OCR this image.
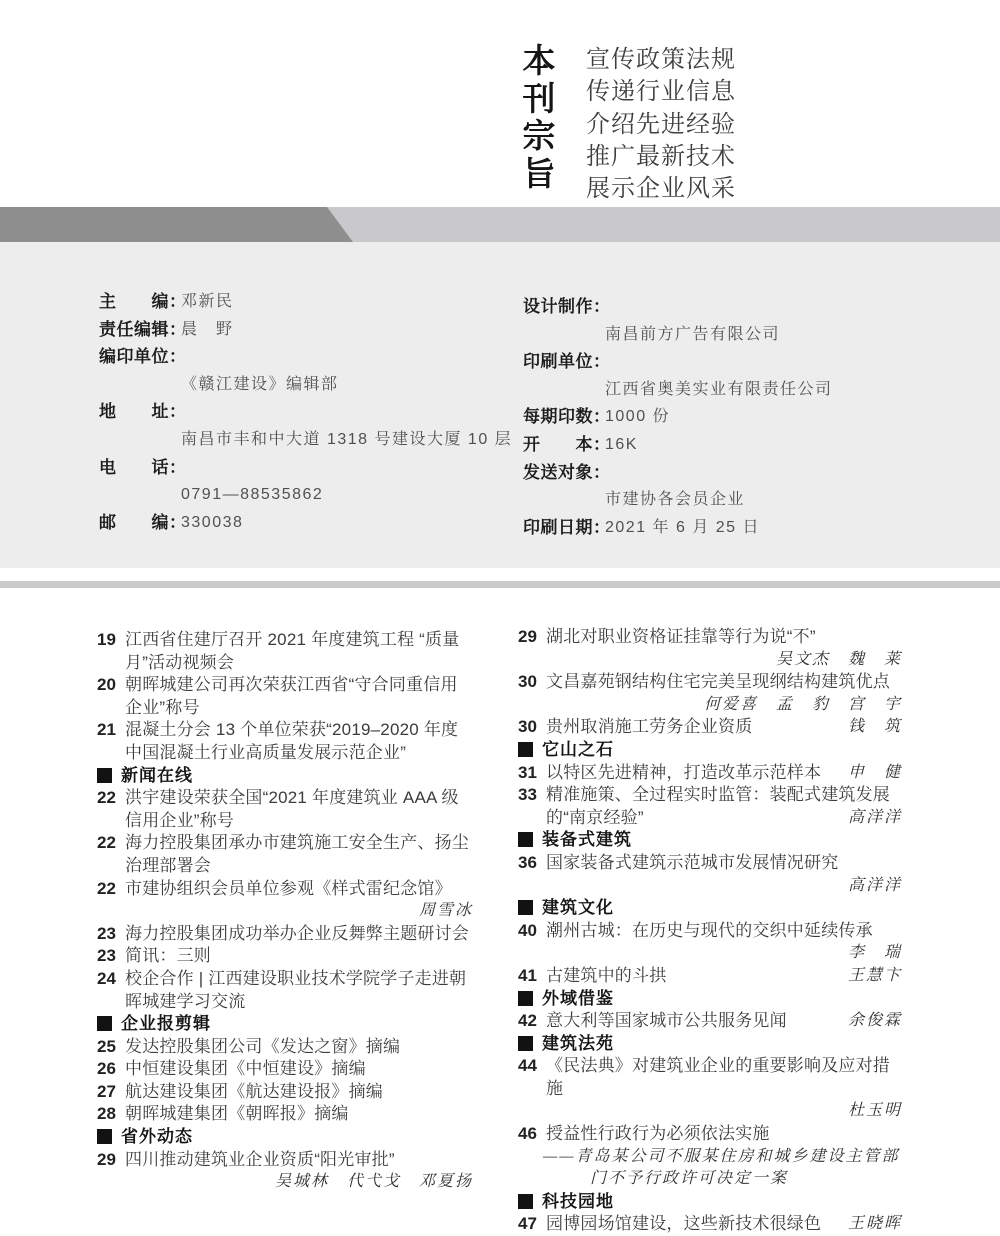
本
刊
宗
旨
宣传政策法规
传递行业信息
介绍先进经验
推广最新技术
展示企业风采
主　　编：
邓新民
责任编辑：
晨　野
编印单位：
《赣江建设》编辑部
地　　址：
南昌市丰和中大道 1318 号建设大厦 10 层
电　　话：
0791—88535862
邮　　编：
330038
设计制作：
南昌前方广告有限公司
印刷单位：
江西省奥美实业有限责任公司
每期印数：
1000 份
开　　本：
16K
发送对象：
市建协各会员企业
印刷日期：
2021 年 6 月 25 日
19 江西省住建厅召开 2021 年度建筑工程 “质量月”活动视频会
20 朝晖城建公司再次荣获江西省“守合同重信用企业”称号
21 混凝土分会 13 个单位荣获“2019–2020 年度中国混凝土行业高质量发展示范企业”
新闻在线
22 洪宇建设荣获全国“2021 年度建筑业 AAA 级信用企业”称号
22 海力控股集团承办市建筑施工安全生产、扬尘治理部署会
22 市建协组织会员单位参观《样式雷纪念馆》
周雪冰
23 海力控股集团成功举办企业反舞弊主题研讨会
23 简讯：三则
24 校企合作 | 江西建设职业技术学院学子走进朝晖城建学习交流
企业报剪辑
25 发达控股集团公司《发达之窗》摘编
26 中恒建设集团《中恒建设》摘编
27 航达建设集团《航达建设报》摘编
28 朝晖城建集团《朝晖报》摘编
省外动态
29 四川推动建筑业企业资质“阳光审批”
吴城林　代弋戈　邓夏扬
29 湖北对职业资格证挂靠等行为说“不”
吴文杰　魏　莱
30 文昌嘉苑钢结构住宅完美呈现纲结构建筑优点
何爱喜　孟　豹　宫　宇
30 贵州取消施工劳务企业资质	钱　筑
它山之石
31 以特区先进精神，打造改革示范样本 申　健
33 精准施策、全过程实时监管：装配式建筑发展的“南京经验”	高洋洋
装备式建筑
36 国家装备式建筑示范城市发展情况研究
高洋洋
建筑文化
40 潮州古城：在历史与现代的交织中延续传承
李　瑞
41 古建筑中的斗拱	王慧卞
外域借鉴
42 意大利等国家城市公共服务见闻	余俊霖
建筑法苑
44 《民法典》对建筑业企业的重要影响及应对措施
杜玉明
46 授益性行政行为必须依法实施
——青岛某公司不服某住房和城乡建设主管部
门不予行政许可决定一案
科技园地
47 园博园场馆建设，这些新技术很绿色 王晓晖
